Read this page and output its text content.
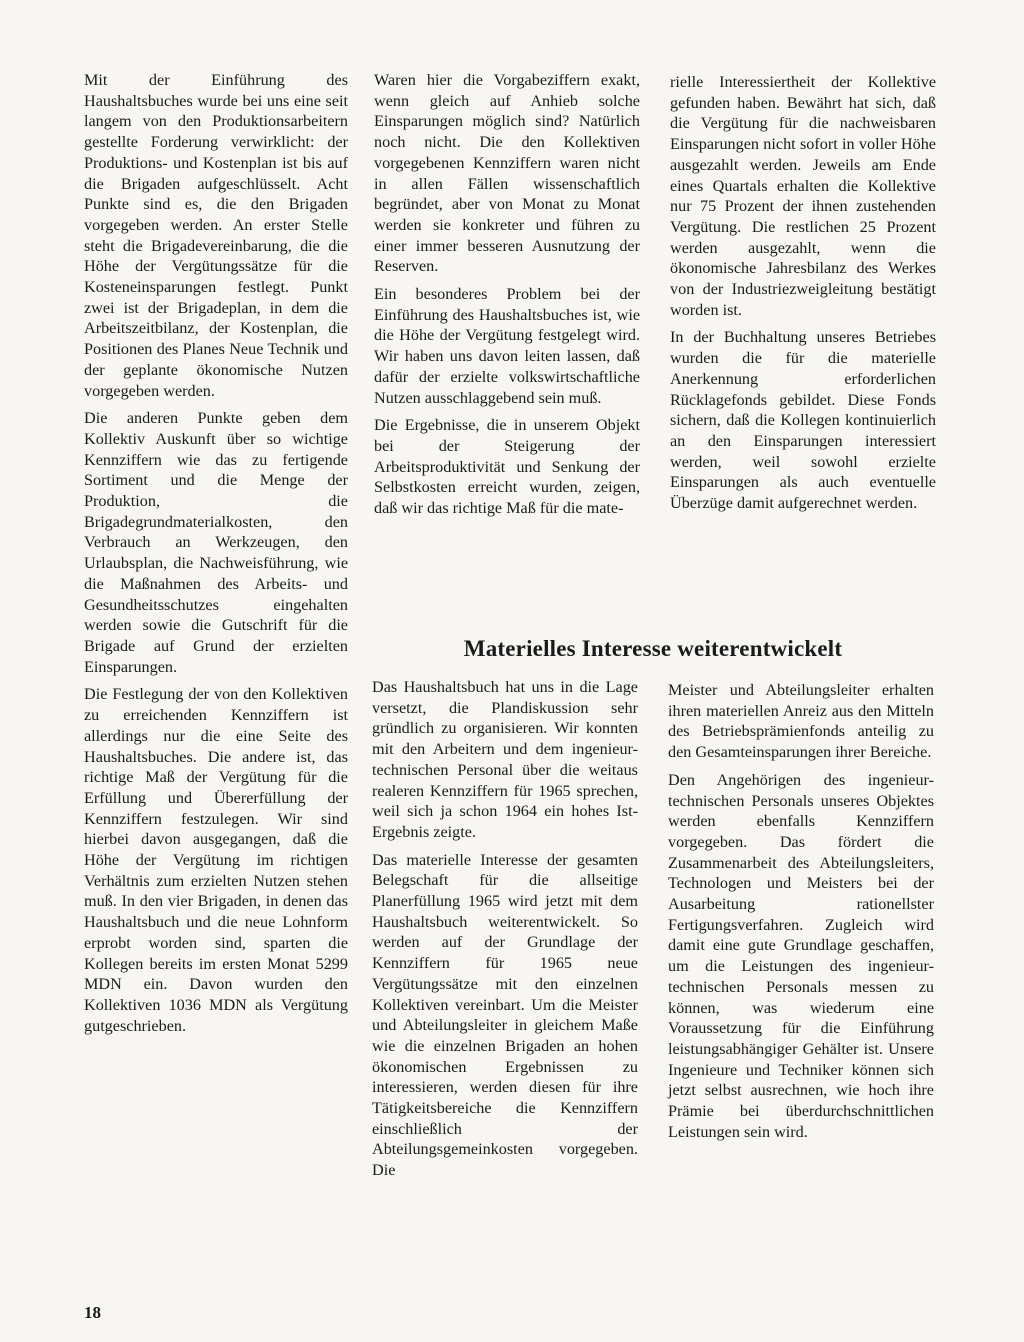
Mit der Einführung des Haushaltsbuches wurde bei uns eine seit langem von den Produktionsarbeitern gestellte Forderung verwirklicht: der Produktions- und Kostenplan ist bis auf die Brigaden aufgeschlüsselt. Acht Punkte sind es, die den Brigaden vorgegeben werden. An erster Stelle steht die Brigadevereinbarung, die die Höhe der Vergütungssätze für die Kosteneinsparungen festlegt. Punkt zwei ist der Brigadeplan, in dem die Arbeitszeitbilanz, der Kostenplan, die Positionen des Planes Neue Technik und der geplante ökonomische Nutzen vorgegeben werden.

Die anderen Punkte geben dem Kollektiv Auskunft über so wichtige Kennziffern wie das zu fertigende Sortiment und die Menge der Produktion, die Brigadegrundmaterialkosten, den Verbrauch an Werkzeugen, den Urlaubsplan, die Nachweisführung, wie die Maßnahmen des Arbeits- und Gesundheitsschutzes eingehalten werden sowie die Gutschrift für die Brigade auf Grund der erzielten Einsparungen.

Die Festlegung der von den Kollektiven zu erreichenden Kennziffern ist allerdings nur die eine Seite des Haushaltsbuches. Die andere ist, das richtige Maß der Vergütung für die Erfüllung und Übererfüllung der Kennziffern festzulegen. Wir sind hierbei davon ausgegangen, daß die Höhe der Vergütung im richtigen Verhältnis zum erzielten Nutzen stehen muß. In den vier Brigaden, in denen das Haushaltsbuch und die neue Lohnform erprobt worden sind, sparten die Kollegen bereits im ersten Monat 5299 MDN ein. Davon wurden den Kollektiven 1036 MDN als Vergütung gutgeschrieben.

Waren hier die Vorgabeziffern exakt, wenn gleich auf Anhieb solche Einsparungen möglich sind? Natürlich noch nicht. Die den Kollektiven vorgegebenen Kennziffern waren nicht in allen Fällen wissenschaftlich begründet, aber von Monat zu Monat werden sie konkreter und führen zu einer immer besseren Ausnutzung der Reserven.

Ein besonderes Problem bei der Einführung des Haushaltsbuches ist, wie die Höhe der Vergütung festgelegt wird. Wir haben uns davon leiten lassen, daß dafür der erzielte volkswirtschaftliche Nutzen ausschlaggebend sein muß.

Die Ergebnisse, die in unserem Objekt bei der Steigerung der Arbeitsproduktivität und Senkung der Selbstkosten erreicht wurden, zeigen, daß wir das richtige Maß für die mate-

rielle Interessiertheit der Kollektive gefunden haben. Bewährt hat sich, daß die Vergütung für die nachweisbaren Einsparungen nicht sofort in voller Höhe ausgezahlt werden. Jeweils am Ende eines Quartals erhalten die Kollektive nur 75 Prozent der ihnen zustehenden Vergütung. Die restlichen 25 Prozent werden ausgezahlt, wenn die ökonomische Jahresbilanz des Werkes von der Industriezweigleitung bestätigt worden ist.

In der Buchhaltung unseres Betriebes wurden die für die materielle Anerkennung erforderlichen Rücklagefonds gebildet. Diese Fonds sichern, daß die Kollegen kontinuierlich an den Einsparungen interessiert werden, weil sowohl erzielte Einsparungen als auch eventuelle Überzüge damit aufgerechnet werden.

Materielles Interesse weiterentwickelt

Das Haushaltsbuch hat uns in die Lage versetzt, die Plandiskussion sehr gründlich zu organisieren. Wir konnten mit den Arbeitern und dem ingenieur-technischen Personal über die weitaus realeren Kennziffern für 1965 sprechen, weil sich ja schon 1964 ein hohes Ist-Ergebnis zeigte.

Das materielle Interesse der gesamten Belegschaft für die allseitige Planerfüllung 1965 wird jetzt mit dem Haushaltsbuch weiterentwickelt. So werden auf der Grundlage der Kennziffern für 1965 neue Vergütungssätze mit den einzelnen Kollektiven vereinbart. Um die Meister und Abteilungsleiter in gleichem Maße wie die einzelnen Brigaden an hohen ökonomischen Ergebnissen zu interessieren, werden diesen für ihre Tätigkeitsbereiche die Kennziffern einschließlich der Abteilungsgemeinkosten vorgegeben. Die

Meister und Abteilungsleiter erhalten ihren materiellen Anreiz aus den Mitteln des Betriebsprämienfonds anteilig zu den Gesamteinsparungen ihrer Bereiche.

Den Angehörigen des ingenieur-technischen Personals unseres Objektes werden ebenfalls Kennziffern vorgegeben. Das fördert die Zusammenarbeit des Abteilungsleiters, Technologen und Meisters bei der Ausarbeitung rationellster Fertigungsverfahren. Zugleich wird damit eine gute Grundlage geschaffen, um die Leistungen des ingenieur-technischen Personals messen zu können, was wiederum eine Voraussetzung für die Einführung leistungsabhängiger Gehälter ist. Unsere Ingenieure und Techniker können sich jetzt selbst ausrechnen, wie hoch ihre Prämie bei überdurchschnittlichen Leistungen sein wird.

18
